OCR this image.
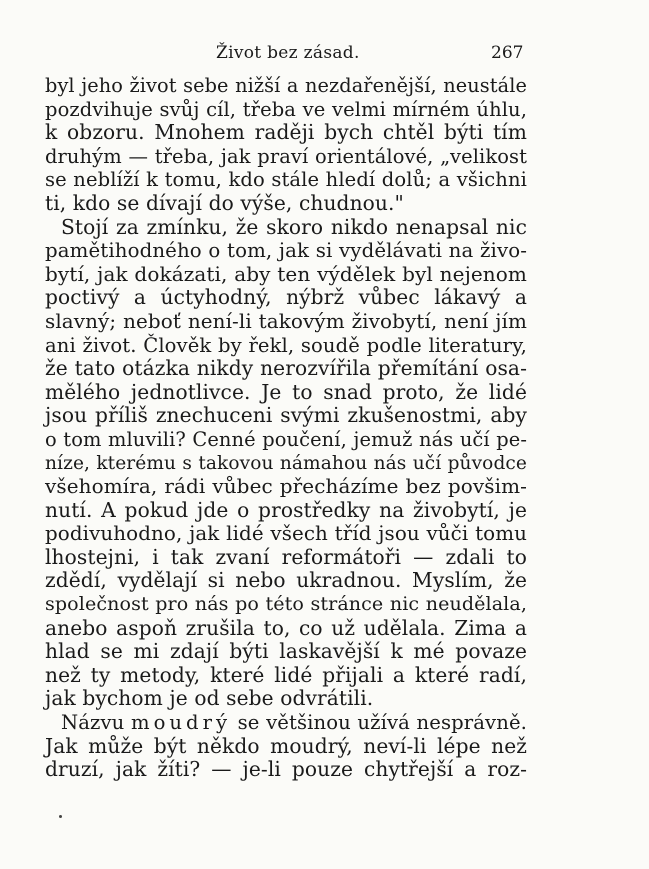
Život bez zásad.	267
byl jeho život sebe nižší a nezdařenější, neustále
pozdvihuje svůj cíl, třeba ve velmi mírném úhlu,
k obzoru. Mnohem raději bych chtěl býti tím
druhým — třeba, jak praví orientálové, „velikost
se neblíží k tomu, kdo stále hledí dolů; a všichni
ti, kdo se dívají do výše, chudnou."
Stojí za zmínku, že skoro nikdo nenapsal nic
pamětihodného o tom, jak si vydělávati na živo-
bytí, jak dokázati, aby ten výdělek byl nejenom
poctivý a úctyhodný, nýbrž vůbec lákavý a
slavný; neboť není-li takovým živobytí, není jím
ani život. Člověk by řekl, soudě podle literatury,
že tato otázka nikdy nerozvířila přemítání osa-
mělého jednotlivce. Je to snad proto, že lidé
jsou příliš znechuceni svými zkušenostmi, aby
o tom mluvili? Cenné poučení, jemuž nás učí pe-
níze, kterému s takovou námahou nás učí původce
všehomíra, rádi vůbec přecházíme bez povšim-
nutí. A pokud jde o prostředky na živobytí, je
podivuhodno, jak lidé všech tříd jsou vůči tomu
lhostejni, i tak zvaní reformátoři — zdali to
zdědí, vydělají si nebo ukradnou. Myslím, že
společnost pro nás po této stránce nic neudělala,
anebo aspoň zrušila to, co už udělala. Zima a
hlad se mi zdají býti laskavější k mé povaze
než ty metody, které lidé přijali a které radí,
jak bychom je od sebe odvrátili.
Názvu moudrý se většinou užívá nesprávně.
Jak může být někdo moudrý, neví-li lépe než
druzí, jak žíti? — je-li pouze chytřejší a roz-
